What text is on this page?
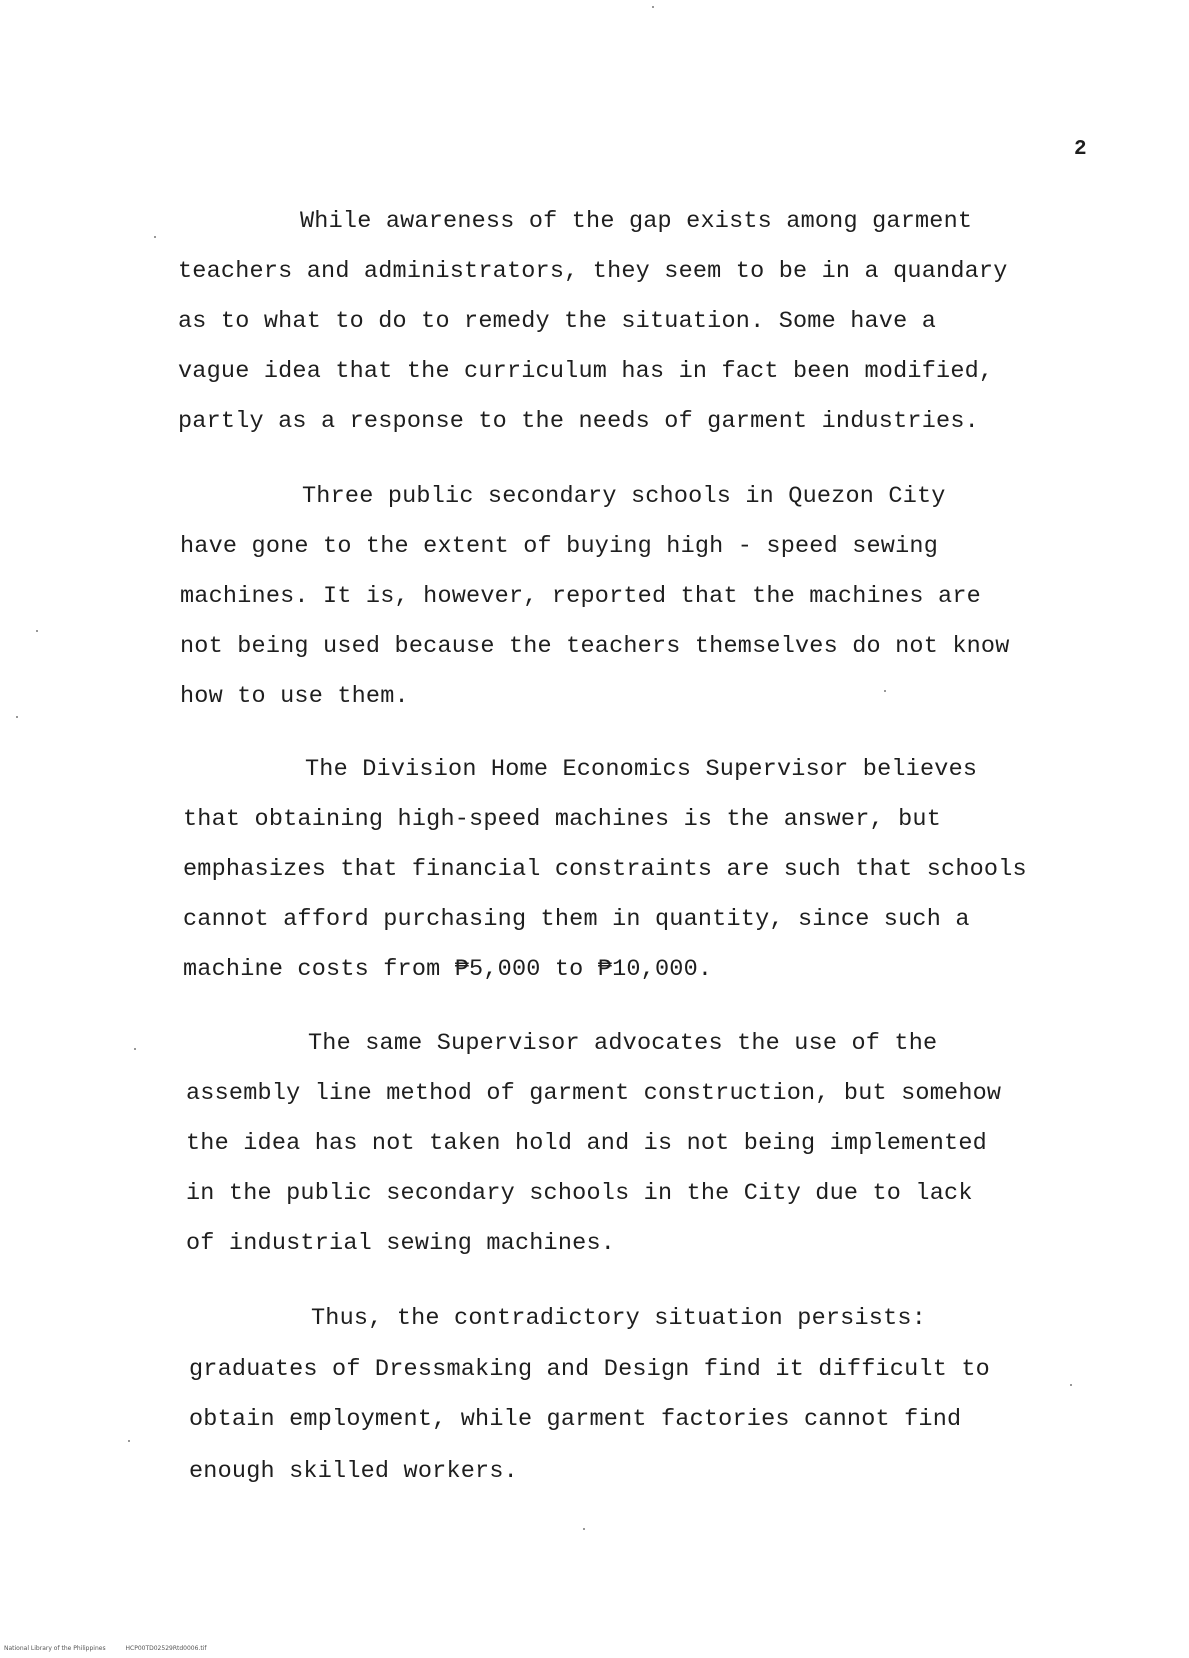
2
While awareness of the gap exists among garment
teachers and administrators, they seem to be in a quandary
as to what to do to remedy the situation. Some have a
vague idea that the curriculum has in fact been modified,
partly as a response to the needs of garment industries.
Three public secondary schools in Quezon City
have gone to the extent of buying high - speed sewing
machines. It is, however, reported that the machines are
not being used because the teachers themselves do not know
how to use them.
The Division Home Economics Supervisor believes
that obtaining high-speed machines is the answer, but
emphasizes that financial constraints are such that schools
cannot afford purchasing them in quantity, since such a
machine costs from ₱5,000 to ₱10,000.
The same Supervisor advocates the use of the
assembly line method of garment construction, but somehow
the idea has not taken hold and is not being implemented
in the public secondary schools in the City due to lack
of industrial sewing machines.
Thus, the contradictory situation persists:
graduates of Dressmaking and Design find it difficult to
obtain employment, while garment factories cannot find
enough skilled workers.
National Library of the Philippines	HCP00TD02529Rtd0006.tif
